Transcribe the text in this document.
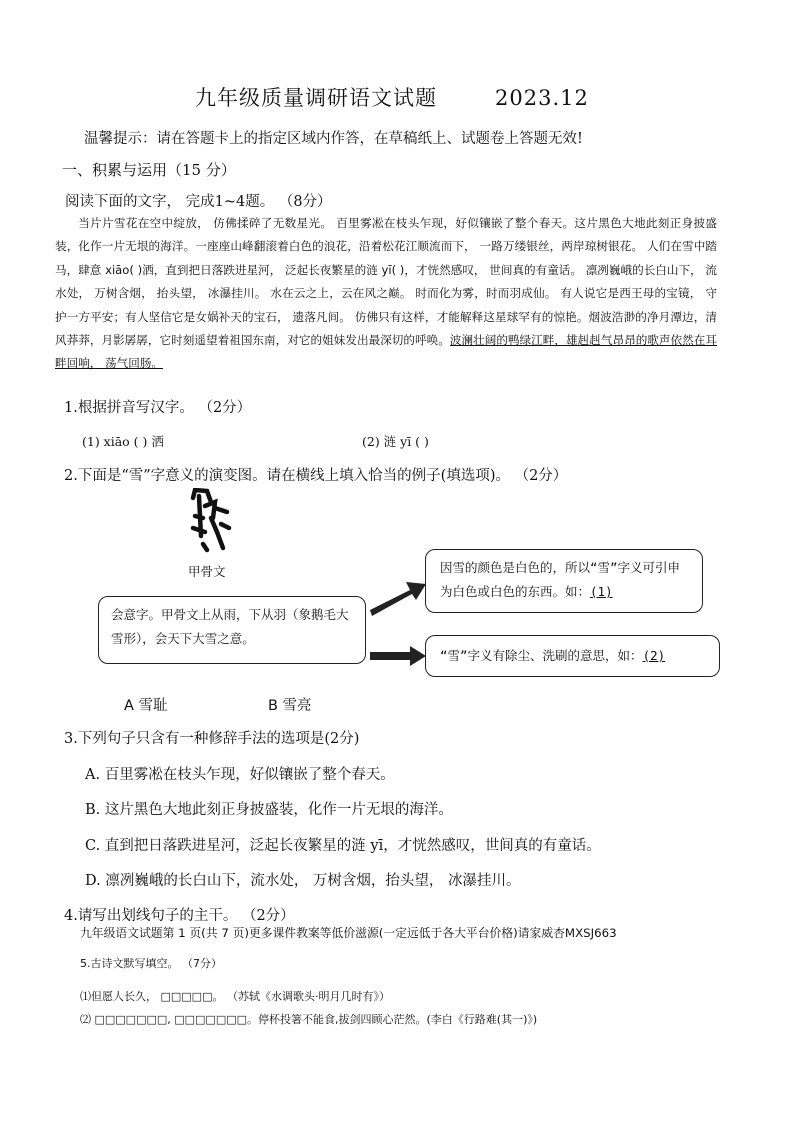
九年级质量调研语文试题	2023.12
温馨提示：请在答题卡上的指定区域内作答，在草稿纸上、试题卷上答题无效!
一、积累与运用（15 分）
阅读下面的文字， 完成1~4题。 （8分）
当片片雪花在空中绽放， 仿佛揉碎了无数星光。 百里雾凇在枝头乍现，好似镶嵌了整个春天。这片黑色大地此刻正身披盛装，化作一片无垠的海洋。一座座山峰翻滚着白色的浪花，沿着松花江顺流而下， 一路万缕银丝，两岸琼树银花。 人们在雪中踏马，肆意 xiāo( )洒，直到把日落跌进星河， 泛起长夜繁星的涟 yī( )，才恍然感叹， 世间真的有童话。 凛冽巍峨的长白山下， 流水处， 万树含烟， 抬头望， 冰瀑挂川。 水在云之上，云在风之巅。 时而化为雾，时而羽成仙。 有人说它是西王母的宝镜， 守护一方平安；有人坚信它是女娲补天的宝石， 遗落凡间。 仿佛只有这样，才能解释这星球罕有的惊艳。烟波浩渺的净月潭边，清风莽莽，月影孱孱，它时刻遥望着祖国东南，对它的姐妹发出最深切的呼唤。波澜壮阔的鸭绿江畔，雄赳赳气昂昂的歌声依然在耳畔回响， 荡气回肠。
1.根据拼音写汉字。 （2分）
(1) xiāo ( ) 洒	(2) 涟 yī ( )
2.下面是“雪”字意义的演变图。请在横线上填入恰当的例子(填选项)。 （2分）
甲骨文
会意字。甲骨文上从雨，下从羽（象鹅毛大雪形），会天下大雪之意。
因雪的颜色是白色的，所以“雪”字义可引申为白色或白色的东西。如：(1)
“雪”字义有除尘、洗刷的意思，如：(2)
A 雪耻	B 雪亮
3.下列句子只含有一种修辞手法的选项是(2分)
A. 百里雾凇在枝头乍现，好似镶嵌了整个春天。
B. 这片黑色大地此刻正身披盛装，化作一片无垠的海洋。
C. 直到把日落跌进星河，泛起长夜繁星的涟 yī，才恍然感叹，世间真的有童话。
D. 凛冽巍峨的长白山下，流水处， 万树含烟，抬头望， 冰瀑挂川。
4.请写出划线句子的主干。 （2分）
九年级语文试题第 1 页(共 7 页)更多课件教案等低价滋源(一定远低于各大平台价格)请家威杏MXSJ663
5.古诗文默写填空。 （7分）
⑴但愿人长久， □□□□□。 （苏轼《水调歌头·明月几时有》）
⑵ □□□□□□□, □□□□□□□。停杯投箸不能食,拔剑四顾心茫然。(李白《行路难(其一)》)
